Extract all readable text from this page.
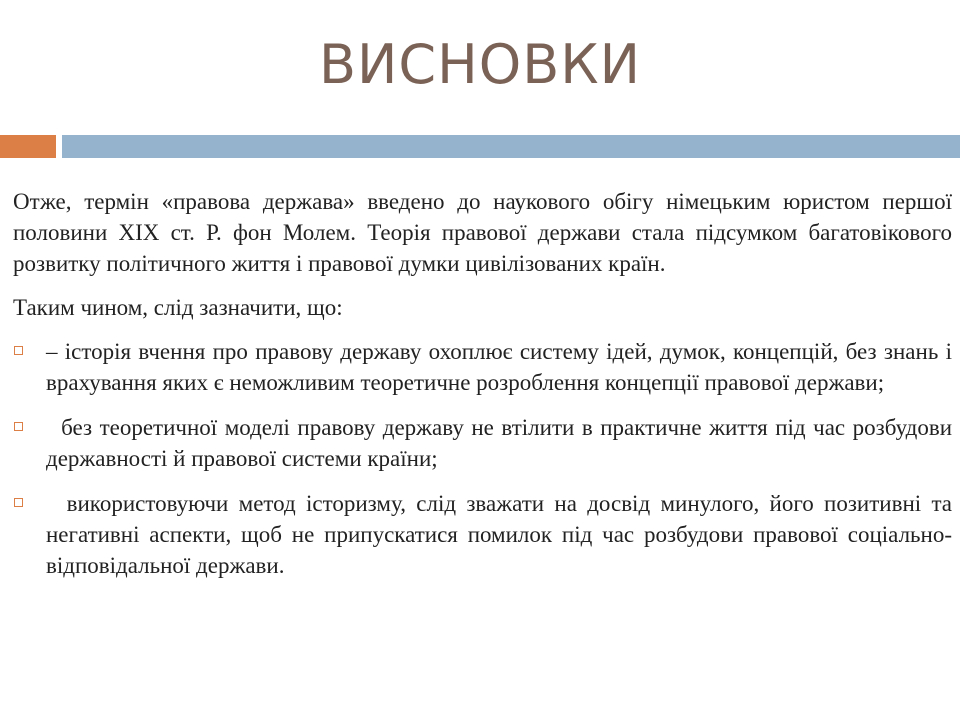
ВИСНОВКИ

Отже, термін «правова держава» введено до наукового обігу німецьким юристом першої половини XIX ст. Р. фон Молем. Теорія правової держави стала підсумком багатовікового розвитку політичного життя і правової думки цивілізованих країн.

Таким чином, слід зазначити, що:

– історія вчення про правову державу охоплює систему ідей, думок, концепцій, без знань і врахування яких є неможливим теоретичне розроблення концепції правової держави;
без теоретичної моделі правову державу не втілити в практичне життя під час розбудови державності й правової системи країни;
використовуючи метод історизму, слід зважати на досвід минулого, його позитивні та негативні аспекти, щоб не припускатися помилок під час розбудови правової соціально-відповідальної держави.
